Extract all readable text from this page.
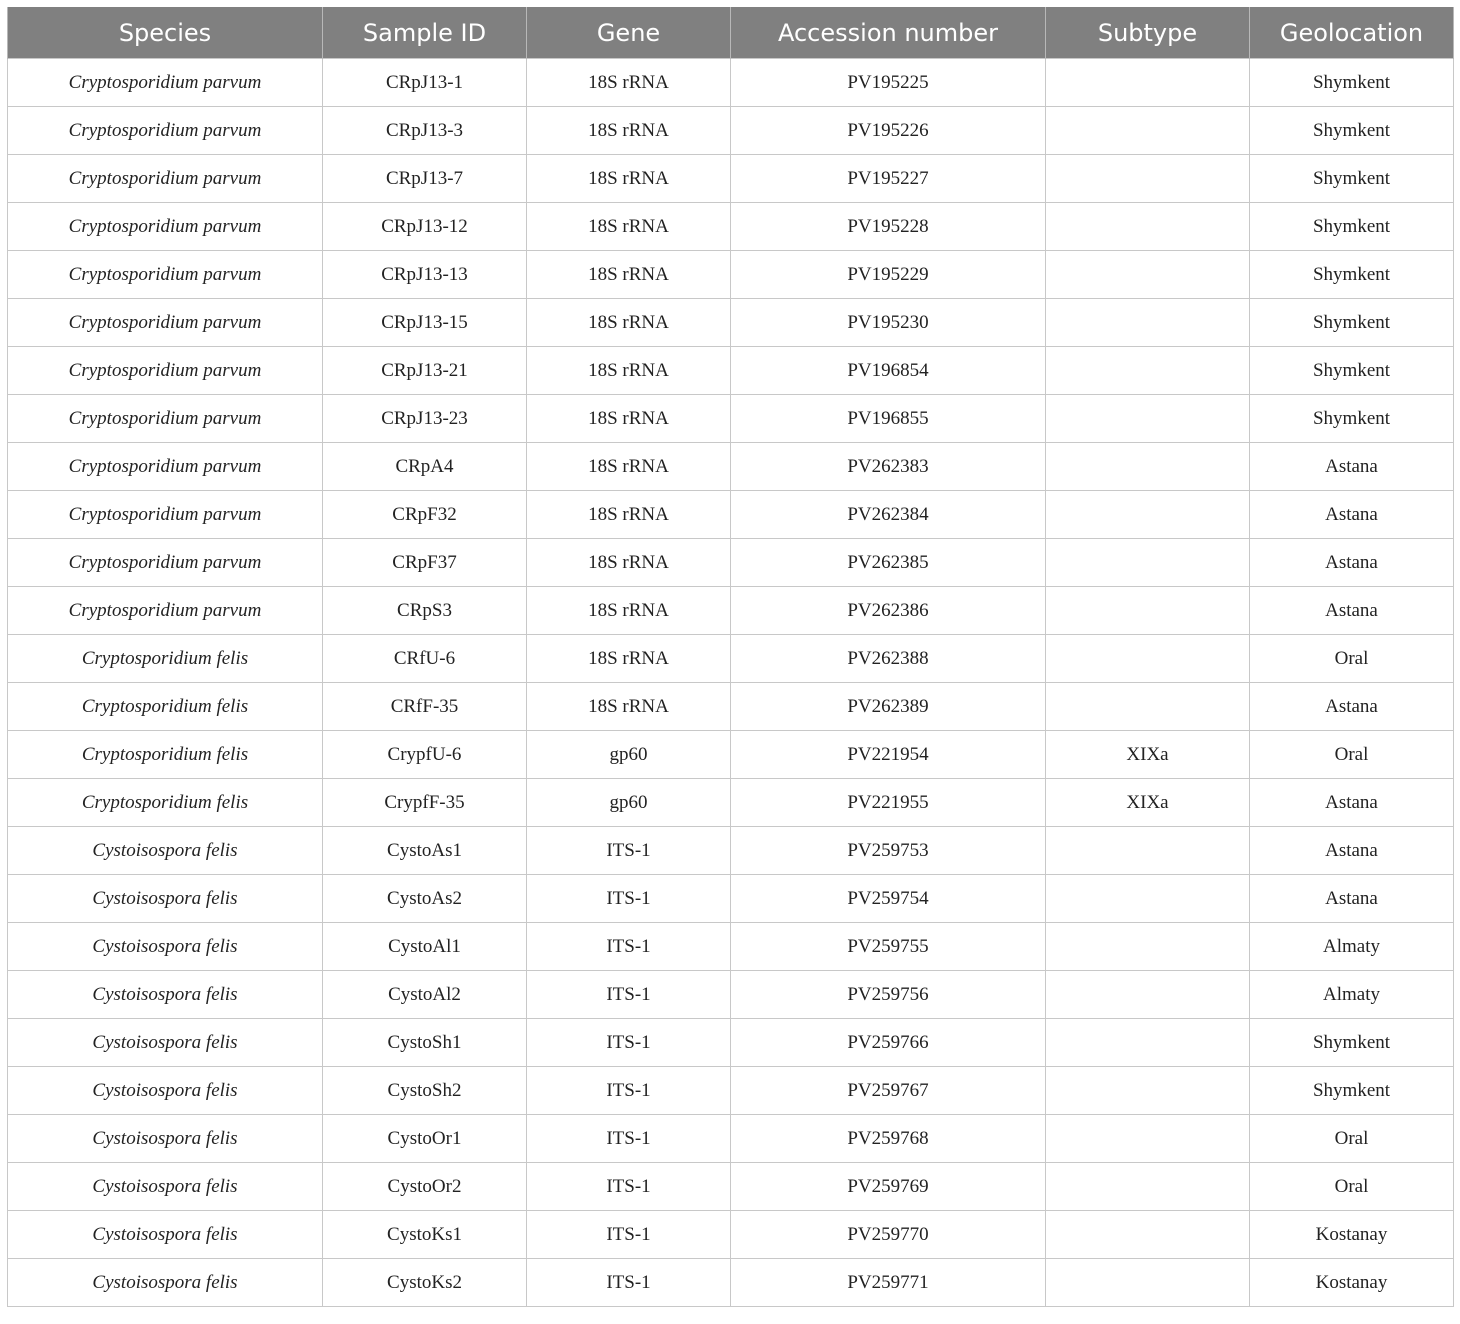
Species	Sample ID	Gene	Accession number	Subtype	Geolocation
Cryptosporidium parvum	CRpJ13-1	18S rRNA	PV195225		Shymkent
Cryptosporidium parvum	CRpJ13-3	18S rRNA	PV195226		Shymkent
Cryptosporidium parvum	CRpJ13-7	18S rRNA	PV195227		Shymkent
Cryptosporidium parvum	CRpJ13-12	18S rRNA	PV195228		Shymkent
Cryptosporidium parvum	CRpJ13-13	18S rRNA	PV195229		Shymkent
Cryptosporidium parvum	CRpJ13-15	18S rRNA	PV195230		Shymkent
Cryptosporidium parvum	CRpJ13-21	18S rRNA	PV196854		Shymkent
Cryptosporidium parvum	CRpJ13-23	18S rRNA	PV196855		Shymkent
Cryptosporidium parvum	CRpA4	18S rRNA	PV262383		Astana
Cryptosporidium parvum	CRpF32	18S rRNA	PV262384		Astana
Cryptosporidium parvum	CRpF37	18S rRNA	PV262385		Astana
Cryptosporidium parvum	CRpS3	18S rRNA	PV262386		Astana
Cryptosporidium felis	CRfU-6	18S rRNA	PV262388		Oral
Cryptosporidium felis	CRfF-35	18S rRNA	PV262389		Astana
Cryptosporidium felis	CrypfU-6	gp60	PV221954	XIXa	Oral
Cryptosporidium felis	CrypfF-35	gp60	PV221955	XIXa	Astana
Cystoisospora felis	CystoAs1	ITS-1	PV259753		Astana
Cystoisospora felis	CystoAs2	ITS-1	PV259754		Astana
Cystoisospora felis	CystoAl1	ITS-1	PV259755		Almaty
Cystoisospora felis	CystoAl2	ITS-1	PV259756		Almaty
Cystoisospora felis	CystoSh1	ITS-1	PV259766		Shymkent
Cystoisospora felis	CystoSh2	ITS-1	PV259767		Shymkent
Cystoisospora felis	CystoOr1	ITS-1	PV259768		Oral
Cystoisospora felis	CystoOr2	ITS-1	PV259769		Oral
Cystoisospora felis	CystoKs1	ITS-1	PV259770		Kostanay
Cystoisospora felis	CystoKs2	ITS-1	PV259771		Kostanay
